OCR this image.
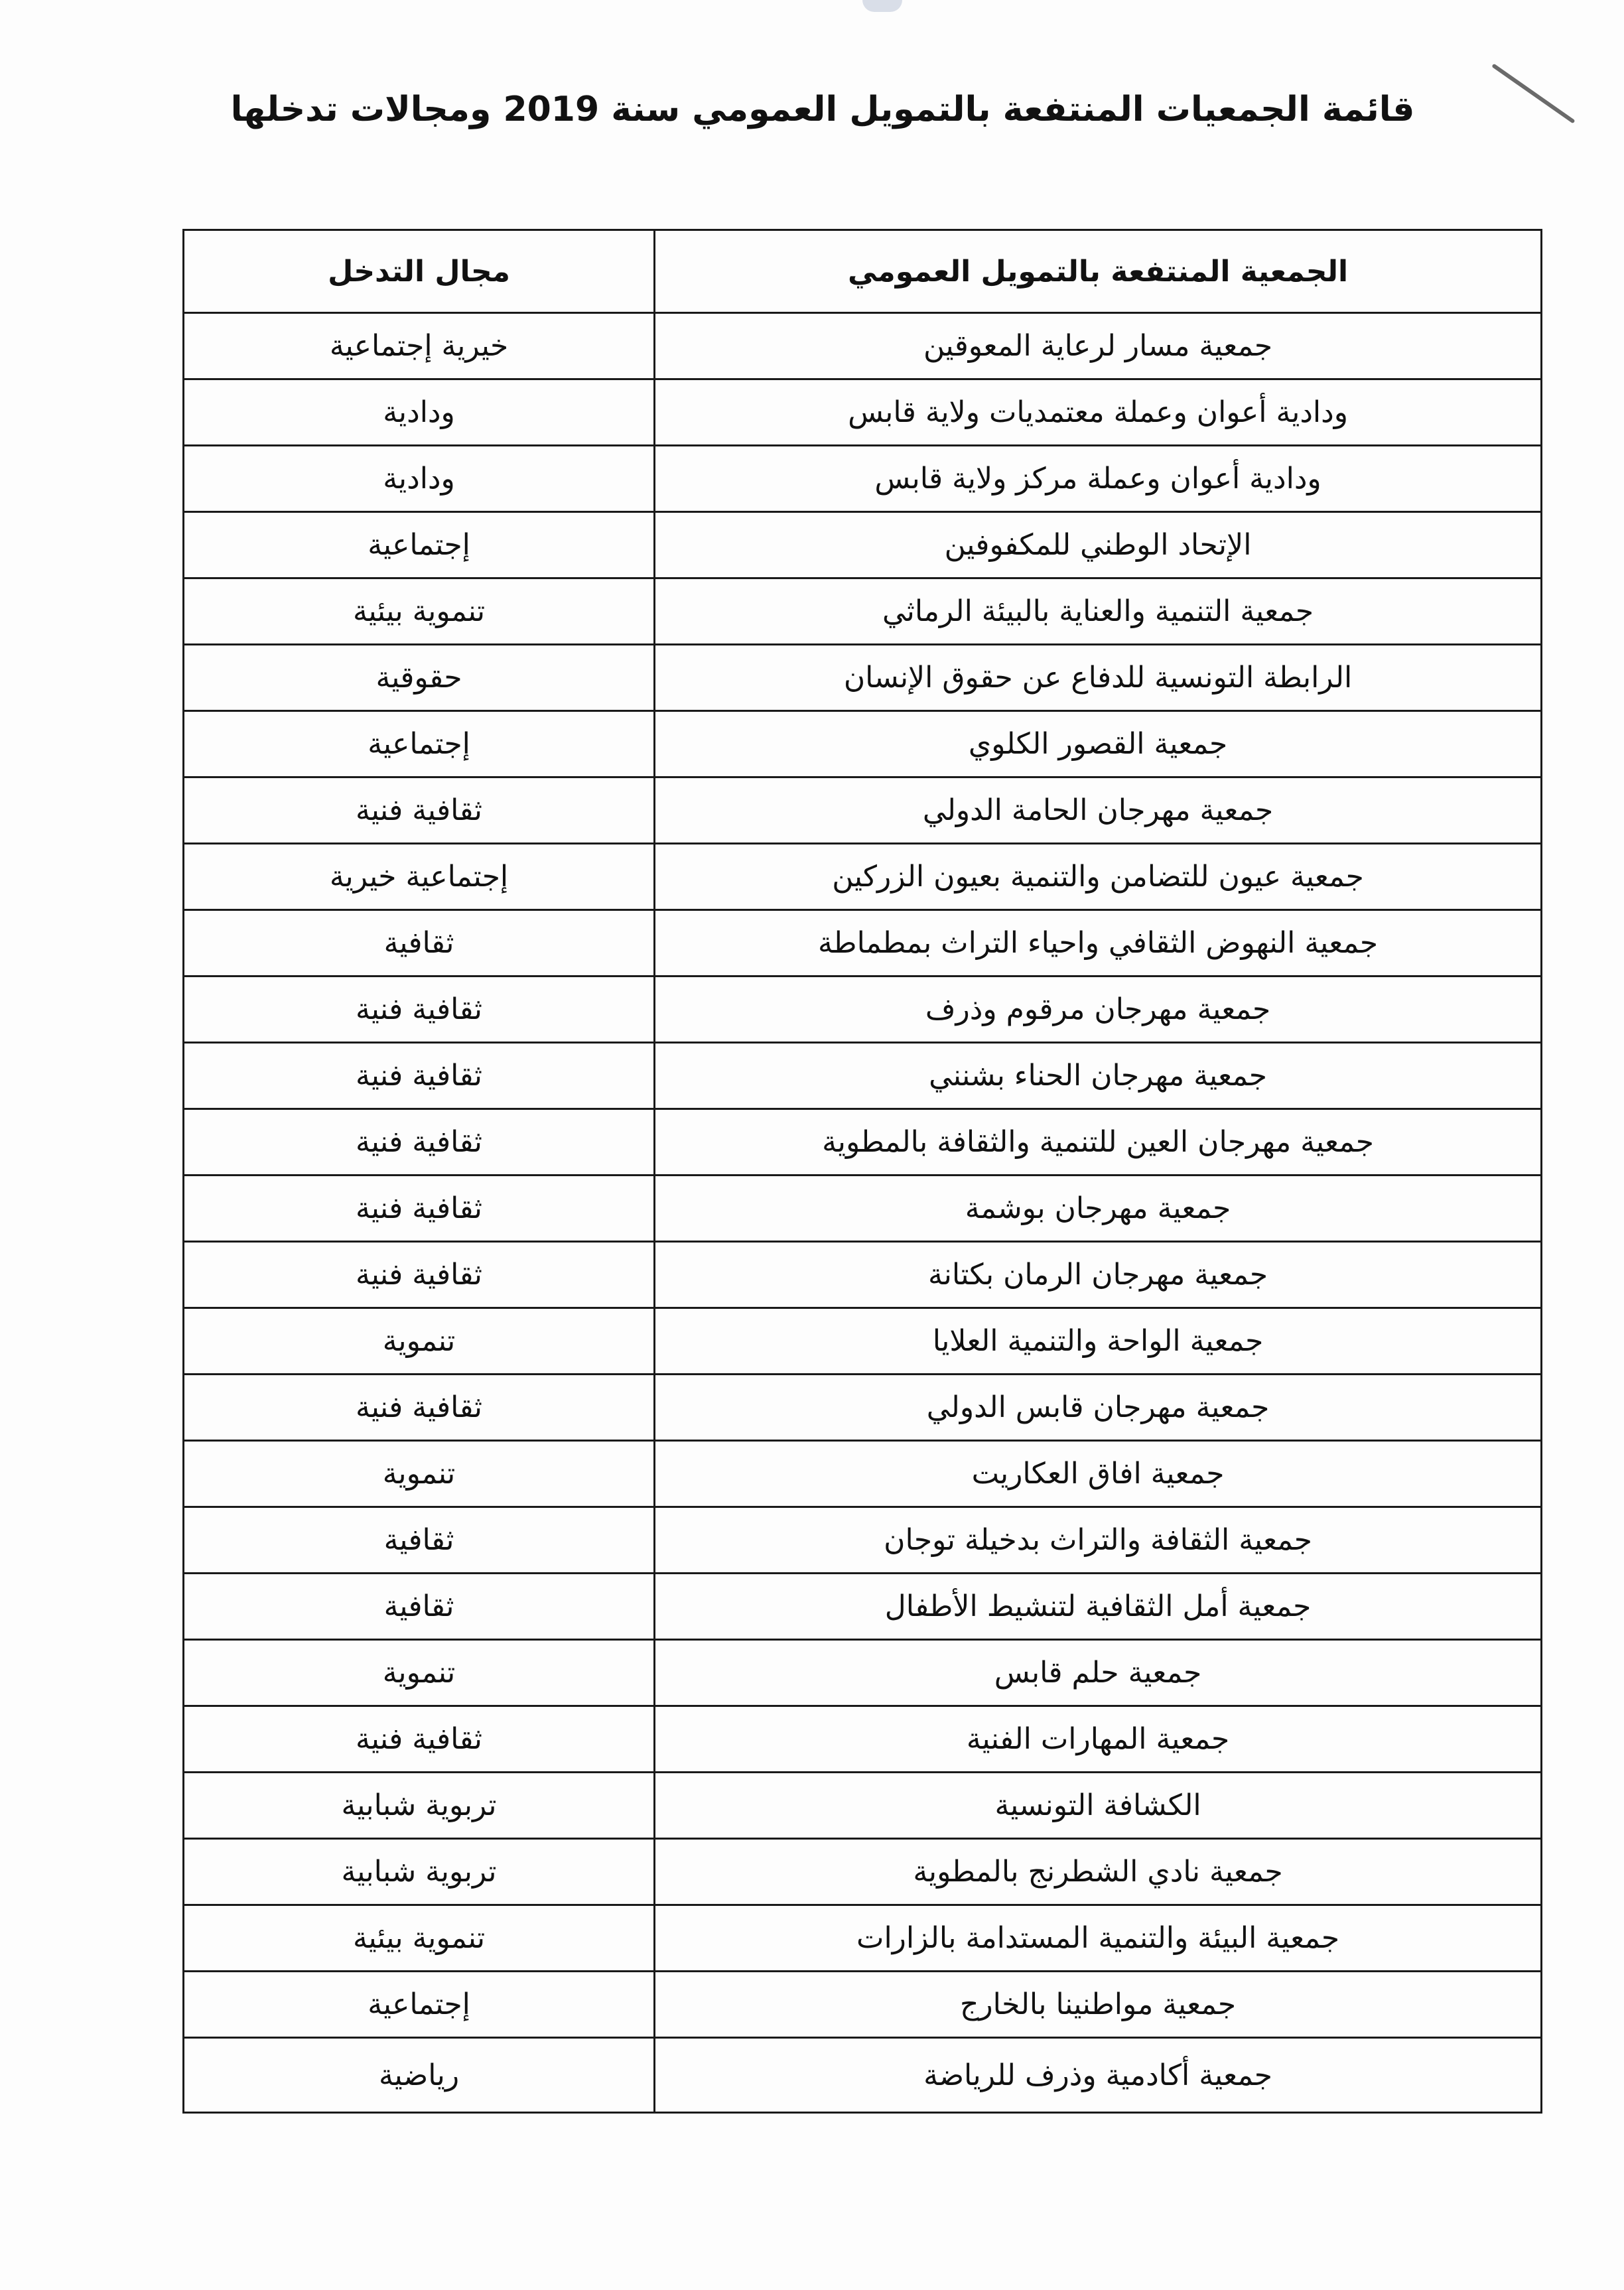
قائمة الجمعيات المنتفعة بالتمويل العمومي سنة 2019 ومجالات تدخلها
الجمعية المنتفعة بالتمويل العمومي	مجال التدخل
جمعية مسار لرعاية المعوقين	خيرية إجتماعية
ودادية أعوان وعملة معتمديات ولاية قابس	ودادية
ودادية أعوان وعملة مركز ولاية قابس	ودادية
الإتحاد الوطني للمكفوفين	إجتماعية
جمعية التنمية والعناية بالبيئة الرماثي	تنموية بيئية
الرابطة التونسية للدفاع عن حقوق الإنسان	حقوقية
جمعية القصور الكلوي	إجتماعية
جمعية مهرجان الحامة الدولي	ثقافية فنية
جمعية عيون للتضامن والتنمية بعيون الزركين	إجتماعية خيرية
جمعية النهوض الثقافي واحياء التراث بمطماطة	ثقافية
جمعية مهرجان مرقوم وذرف	ثقافية فنية
جمعية مهرجان الحناء بشنني	ثقافية فنية
جمعية مهرجان العين للتنمية والثقافة بالمطوية	ثقافية فنية
جمعية مهرجان بوشمة	ثقافية فنية
جمعية مهرجان الرمان بكتانة	ثقافية فنية
جمعية الواحة والتنمية العلايا	تنموية
جمعية مهرجان قابس الدولي	ثقافية فنية
جمعية افاق العكاريت	تنموية
جمعية الثقافة والتراث بدخيلة توجان	ثقافية
جمعية أمل الثقافية لتنشيط الأطفال	ثقافية
جمعية حلم قابس	تنموية
جمعية المهارات الفنية	ثقافية فنية
الكشافة التونسية	تربوية شبابية
جمعية نادي الشطرنج بالمطوية	تربوية شبابية
جمعية البيئة والتنمية المستدامة بالزارات	تنموية بيئية
جمعية مواطنينا بالخارج	إجتماعية
جمعية أكادمية وذرف للرياضة	رياضية
